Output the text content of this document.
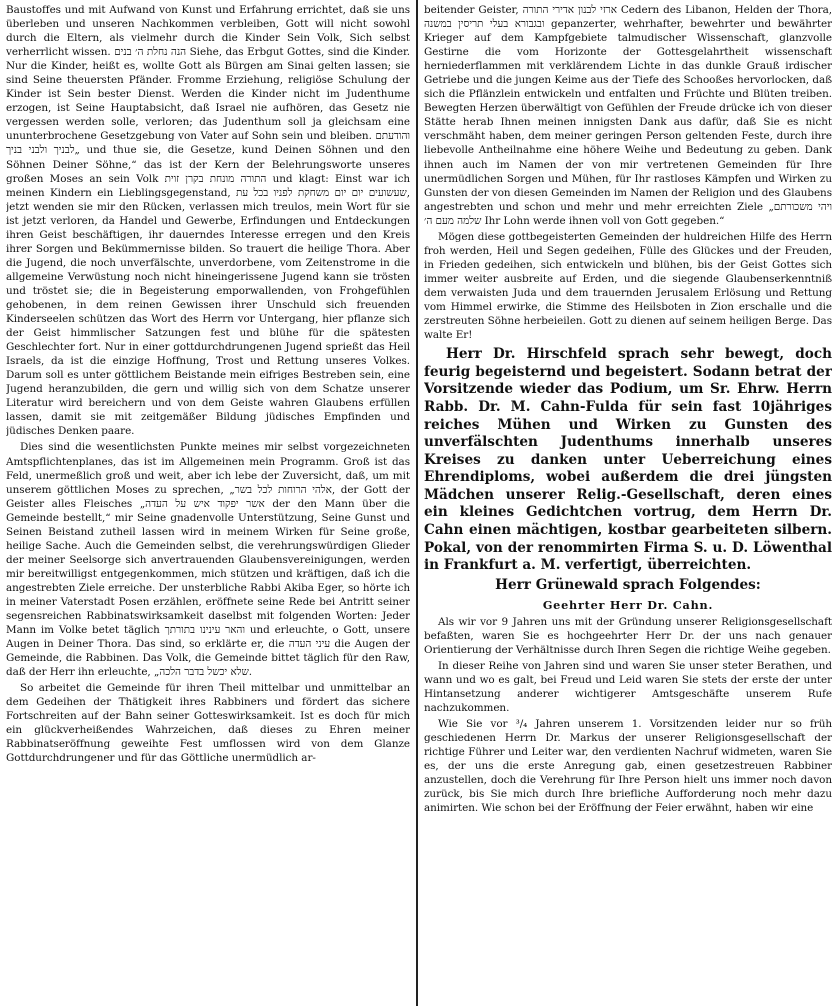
Baustoffes und mit Aufwand von Kunst und Erfahrung errichtet, daß sie uns überleben und unseren Nachkommen verbleiben, Gott will nicht sowohl durch die Eltern, als vielmehr durch die Kinder Sein Volk, Sich selbst verherrlicht wissen. הנה נחלת ה׳ בנים Siehe, das Erbgut Gottes, sind die Kinder. Nur die Kinder, heißt es, wollte Gott als Bürgen am Sinai gelten lassen; sie sind Seine theuersten Pfänder. Fromme Erziehung, religiöse Schulung der Kinder ist Sein bester Dienst. Werden die Kinder nicht im Judenthume erzogen, ist Seine Hauptabsicht, daß Israel nie aufhören, das Gesetz nie vergessen werden solle, verloren; das Judenthum soll ja gleichsam eine ununterbrochene Gesetzgebung von Vater auf Sohn sein und bleiben. והודעתם „לבניך ולבני בניך und thue sie, die Gesetze, kund Deinen Söhnen und den Söhnen Deiner Söhne,“ das ist der Kern der Belehrungsworte unseres großen Moses an sein Volk התורה מונחת בקרן זוית und klagt: Einst war ich meinen Kindern ein Lieblingsgegenstand, שעשועים יום יום משחקת לפניו בכל עת, jetzt wenden sie mir den Rücken, verlassen mich treulos, mein Wort für sie ist jetzt verloren, da Handel und Gewerbe, Erfindungen und Entdeckungen ihren Geist beschäftigen, ihr dauerndes Interesse erregen und den Kreis ihrer Sorgen und Bekümmernisse bilden. So trauert die heilige Thora. Aber die Jugend, die noch unverfälschte, unverdorbene, vom Zeitenstrome in die allgemeine Verwüstung noch nicht hineingerissene Jugend kann sie trösten und tröstet sie; die in Begeisterung emporwallenden, von Frohgefühlen gehobenen, in dem reinen Gewissen ihrer Unschuld sich freuenden Kinderseelen schützen das Wort des Herrn vor Untergang, hier pflanze sich der Geist himmlischer Satzungen fest und blühe für die spätesten Geschlechter fort. Nur in einer gottdurchdrungenen Jugend sprießt das Heil Israels, da ist die einzige Hoffnung, Trost und Rettung unseres Volkes. Darum soll es unter göttlichem Beistande mein eifriges Bestreben sein, eine Jugend heranzubilden, die gern und willig sich von dem Schatze unserer Literatur wird bereichern und von dem Geiste wahren Glaubens erfüllen lassen, damit sie mit zeitgemäßer Bildung jüdisches Empfinden und jüdisches Denken paare.

Dies sind die wesentlichsten Punkte meines mir selbst vorgezeichneten Amtspflichtenplanes, das ist im Allgemeinen mein Programm. Groß ist das Feld, unermeßlich groß und weit, aber ich lebe der Zuversicht, daß, um mit unserem göttlichen Moses zu sprechen, „אלהי הרוחות לכל בשר, der Gott der Geister alles Fleisches „אשר יפקוד איש על העדה der den Mann über die Gemeinde bestellt,“ mir Seine gnadenvolle Unterstützung, Seine Gunst und Seinen Beistand zutheil lassen wird in meinem Wirken für Seine große, heilige Sache. Auch die Gemeinden selbst, die verehrungswürdigen Glieder der meiner Seelsorge sich anvertrauenden Glaubensvereinigungen, werden mir bereitwilligst entgegenkommen, mich stützen und kräftigen, daß ich die angestrebten Ziele erreiche. Der unsterbliche Rabbi Akiba Eger, so hörte ich in meiner Vaterstadt Posen erzählen, eröffnete seine Rede bei Antritt seiner segensreichen Rabbinatswirksamkeit daselbst mit folgenden Worten: Jeder Mann im Volke betet täglich והאר עינינו בתורתך und erleuchte, o Gott, unsere Augen in Deiner Thora. Das sind, so erklärte er, die עיני העדה die Augen der Gemeinde, die Rabbinen. Das Volk, die Gemeinde bittet täglich für den Raw, daß der Herr ihn erleuchte, „שלא יכשל בדבר הלכה.

So arbeitet die Gemeinde für ihren Theil mittelbar und unmittelbar an dem Gedeihen der Thätigkeit ihres Rabbiners und fördert das sichere Fortschreiten auf der Bahn seiner Gotteswirksamkeit. Ist es doch für mich ein glückverheißendes Wahrzeichen, daß dieses zu Ehren meiner Rabbinatseröffnung geweihte Fest umflossen wird von dem Glanze Gottdurchdrungener und für das Göttliche unermüdlich ar-

beitender Geister, ארזי לבנון אדירי התורה Cedern des Libanon, Helden der Thora, ובגבורא בעלי תריסין במשנה gepanzerter, wehrhafter, bewehrter und bewährter Krieger auf dem Kampfgebiete talmudischer Wissenschaft, glanzvolle Gestirne die vom Horizonte der Gottesgelahrtheit wissenschaft herniederflammen mit verklärendem Lichte in das dunkle Grauß irdischer Getriebe und die jungen Keime aus der Tiefe des Schooßes hervorlocken, daß sich die Pflänzlein entwickeln und entfalten und Früchte und Blüten treiben. Bewegten Herzen überwältigt von Gefühlen der Freude drücke ich von dieser Stätte herab Ihnen meinen innigsten Dank aus dafür, daß Sie es nicht verschmäht haben, dem meiner geringen Person geltenden Feste, durch ihre liebevolle Antheilnahme eine höhere Weihe und Bedeutung zu geben. Dank ihnen auch im Namen der von mir vertretenen Gemeinden für Ihre unermüdlichen Sorgen und Mühen, für Ihr rastloses Kämpfen und Wirken zu Gunsten der von diesen Gemeinden im Namen der Religion und des Glaubens angestrebten und schon und mehr und mehr erreichten Ziele „ויהי משכורתם שלמה מעם ה׳ Ihr Lohn werde ihnen voll von Gott gegeben.“

Mögen diese gottbegeisterten Gemeinden der huldreichen Hilfe des Herrn froh werden, Heil und Segen gedeihen, Fülle des Glückes und der Freuden, in Frieden gedeihen, sich entwickeln und blühen, bis der Geist Gottes sich immer weiter ausbreite auf Erden, und die siegende Glaubenserkenntniß dem verwaisten Juda und dem trauernden Jerusalem Erlösung und Rettung vom Himmel erwirke, die Stimme des Heilsboten in Zion erschalle und die zerstreuten Söhne herbeieilen. Gott zu dienen auf seinem heiligen Berge. Das walte Er!

Herr Dr. Hirschfeld sprach sehr bewegt, doch feurig begeisternd und begeistert. Sodann betrat der Vorsitzende wieder das Podium, um Sr. Ehrw. Herrn Rabb. Dr. M. Cahn-Fulda für sein fast 10jähriges reiches Mühen und Wirken zu Gunsten des unverfälschten Judenthums innerhalb unseres Kreises zu danken unter Ueberreichung eines Ehrendiploms, wobei außerdem die drei jüngsten Mädchen unserer Relig.-Gesellschaft, deren eines ein kleines Gedichtchen vortrug, dem Herrn Dr. Cahn einen mächtigen, kostbar gearbeiteten silbern. Pokal, von der renommirten Firma S. u. D. Löwenthal in Frankfurt a. M. verfertigt, überreichten.

Herr Grünewald sprach Folgendes:

Geehrter Herr Dr. Cahn.

Als wir vor 9 Jahren uns mit der Gründung unserer Religionsgesellschaft befaßten, waren Sie es hochgeehrter Herr Dr. der uns nach genauer Orientierung der Verhältnisse durch Ihren Segen die richtige Weihe gegeben.

In dieser Reihe von Jahren sind und waren Sie unser steter Berathen, und wann und wo es galt, bei Freud und Leid waren Sie stets der erste der unter Hintansetzung anderer wichtigerer Amtsgeschäfte unserem Rufe nachzukommen.

Wie Sie vor ³/₄ Jahren unserem 1. Vorsitzenden leider nur so früh geschiedenen Herrn Dr. Markus der unserer Religionsgesellschaft der richtige Führer und Leiter war, den verdienten Nachruf widmeten, waren Sie es, der uns die erste Anregung gab, einen gesetzestreuen Rabbiner anzustellen, doch die Verehrung für Ihre Person hielt uns immer noch davon zurück, bis Sie mich durch Ihre briefliche Aufforderung noch mehr dazu animirten. Wie schon bei der Eröffnung der Feier erwähnt, haben wir eine
